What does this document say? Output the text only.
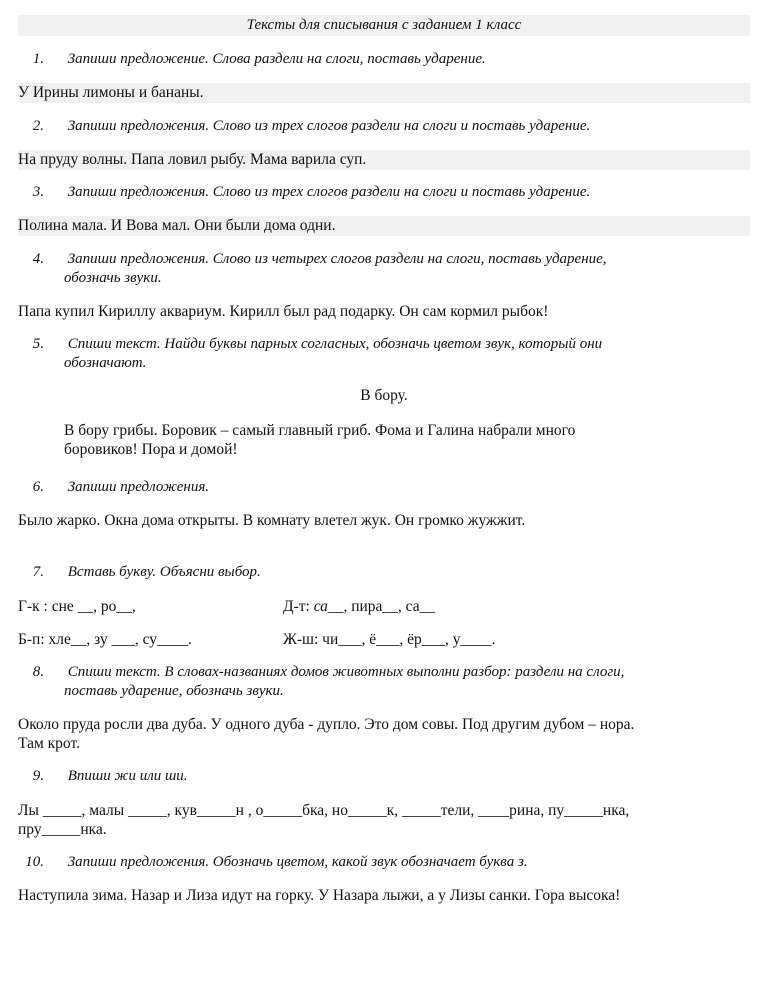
Тексты для списывания с заданием 1 класс
1. Запиши предложение. Слова раздели на слоги, поставь ударение.
У Ирины лимоны и бананы.
2. Запиши предложения. Слово из трех слогов раздели на слоги и поставь ударение.
На пруду волны. Папа ловил рыбу. Мама варила суп.
3. Запиши предложения. Слово из трех слогов раздели на слоги и поставь ударение.
Полина мала. И Вова мал. Они были дома одни.
4. Запиши предложения. Слово из четырех слогов раздели на слоги, поставь ударение,
обозначь звуки.
Папа купил Кириллу аквариум. Кирилл был рад подарку. Он сам кормил рыбок!
5. Спиши текст. Найди буквы парных согласных, обозначь цветом звук, который они
обозначают.
В бору.
В бору грибы. Боровик – самый главный гриб. Фома и Галина набрали много
боровиков! Пора и домой!
6. Запиши предложения.
Было жарко. Окна дома открыты. В комнату влетел жук. Он громко жужжит.
7. Вставь букву. Объясни выбор.
Г-к : сне __, ро__,	Д-т: са__, пира__, са__
Б-п: хле__, зу ___, су____.	Ж-ш: чи___, ё___, ёр___, у____.
8. Спиши текст. В словах-названиях домов животных выполни разбор: раздели на слоги,
поставь ударение, обозначь звуки.
Около пруда росли два дуба. У одного дуба - дупло. Это дом совы. Под другим дубом – нора.
Там крот.
9. Впиши жи или ши.
Лы _____, малы _____, кув_____н , о_____бка, но_____к, _____тели, ____рина, пу_____нка,
пру_____нка.
10. Запиши предложения. Обозначь цветом, какой звук обозначает буква з.
Наступила зима. Назар и Лиза идут на горку. У Назара лыжи, а у Лизы санки. Гора высока!
